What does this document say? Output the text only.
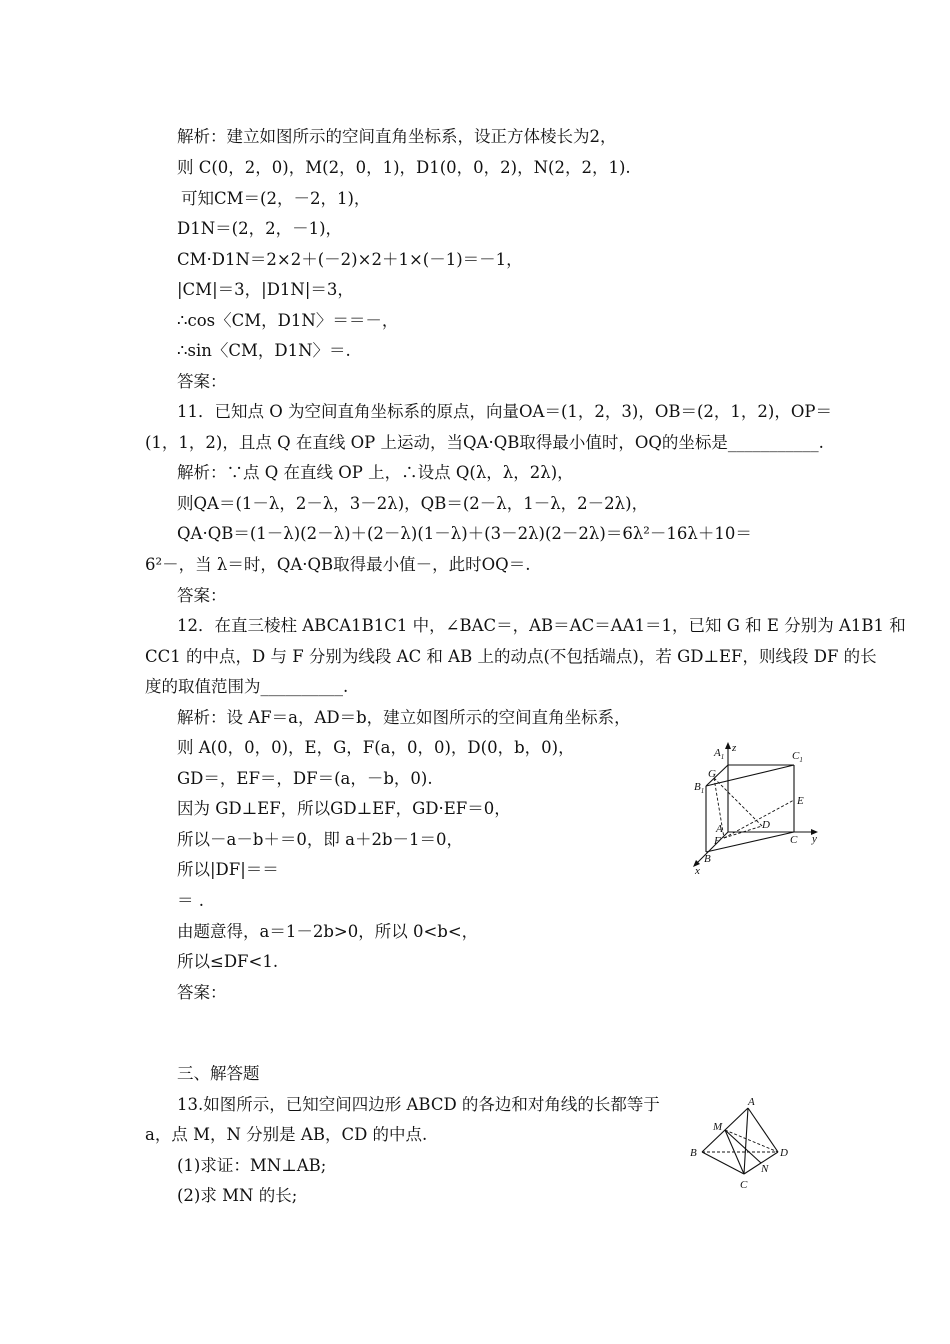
解析：建立如图所示的空间直角坐标系，设正方体棱长为2，
则 C(0，2，0)，M(2，0，1)，D1(0，0，2)，N(2，2，1).
可知CM＝(2，－2，1)，
D1N＝(2，2，－1)，
CM·D1N＝2×2＋(－2)×2＋1×(－1)＝－1，
|CM|＝3，|D1N|＝3，
∴cos〈CM，D1N〉＝＝－，
∴sin〈CM，D1N〉＝.
答案：
11．已知点 O 为空间直角坐标系的原点，向量OA＝(1，2，3)，OB＝(2，1，2)，OP＝
(1，1，2)，且点 Q 在直线 OP 上运动，当QA·QB取得最小值时，OQ的坐标是___________.
解析：∵点 Q 在直线 OP 上，∴设点 Q(λ，λ，2λ)，
则QA＝(1－λ，2－λ，3－2λ)，QB＝(2－λ，1－λ，2－2λ)，
QA·QB＝(1－λ)(2－λ)＋(2－λ)(1－λ)＋(3－2λ)(2－2λ)＝6λ²－16λ＋10＝
6²－，当 λ＝时，QA·QB取得最小值－，此时OQ＝.
答案：
12．在直三棱柱 ABCA1B1C1 中，∠BAC＝，AB＝AC＝AA1＝1，已知 G 和 E 分别为 A1B1 和
CC1 的中点，D 与 F 分别为线段 AC 和 AB 上的动点(不包括端点)，若 GD⊥EF，则线段 DF 的长
度的取值范围为__________.
解析：设 AF＝a，AD＝b，建立如图所示的空间直角坐标系，
则 A(0，0，0)，E，G，F(a，0，0)，D(0，b，0)，
GD＝，EF＝，DF＝(a，－b，0).
因为 GD⊥EF，所以GD⊥EF，GD·EF＝0，
所以－a－b＋＝0，即 a＋2b－1＝0，
所以|DF|＝＝
＝ .
由题意得，a＝1－2b>0，所以 0<b<，
所以≤DF<1.
答案：
三、解答题
13.如图所示，已知空间四边形 ABCD 的各边和对角线的长都等于
a，点 M，N 分别是 AB，CD 的中点.
(1)求证：MN⊥AB;
(2)求 MN 的长;
$A_1$
z
$C_1$
G
$B_1$
E
D
A
F	C y
B
x
A
M
B	D
N
C
